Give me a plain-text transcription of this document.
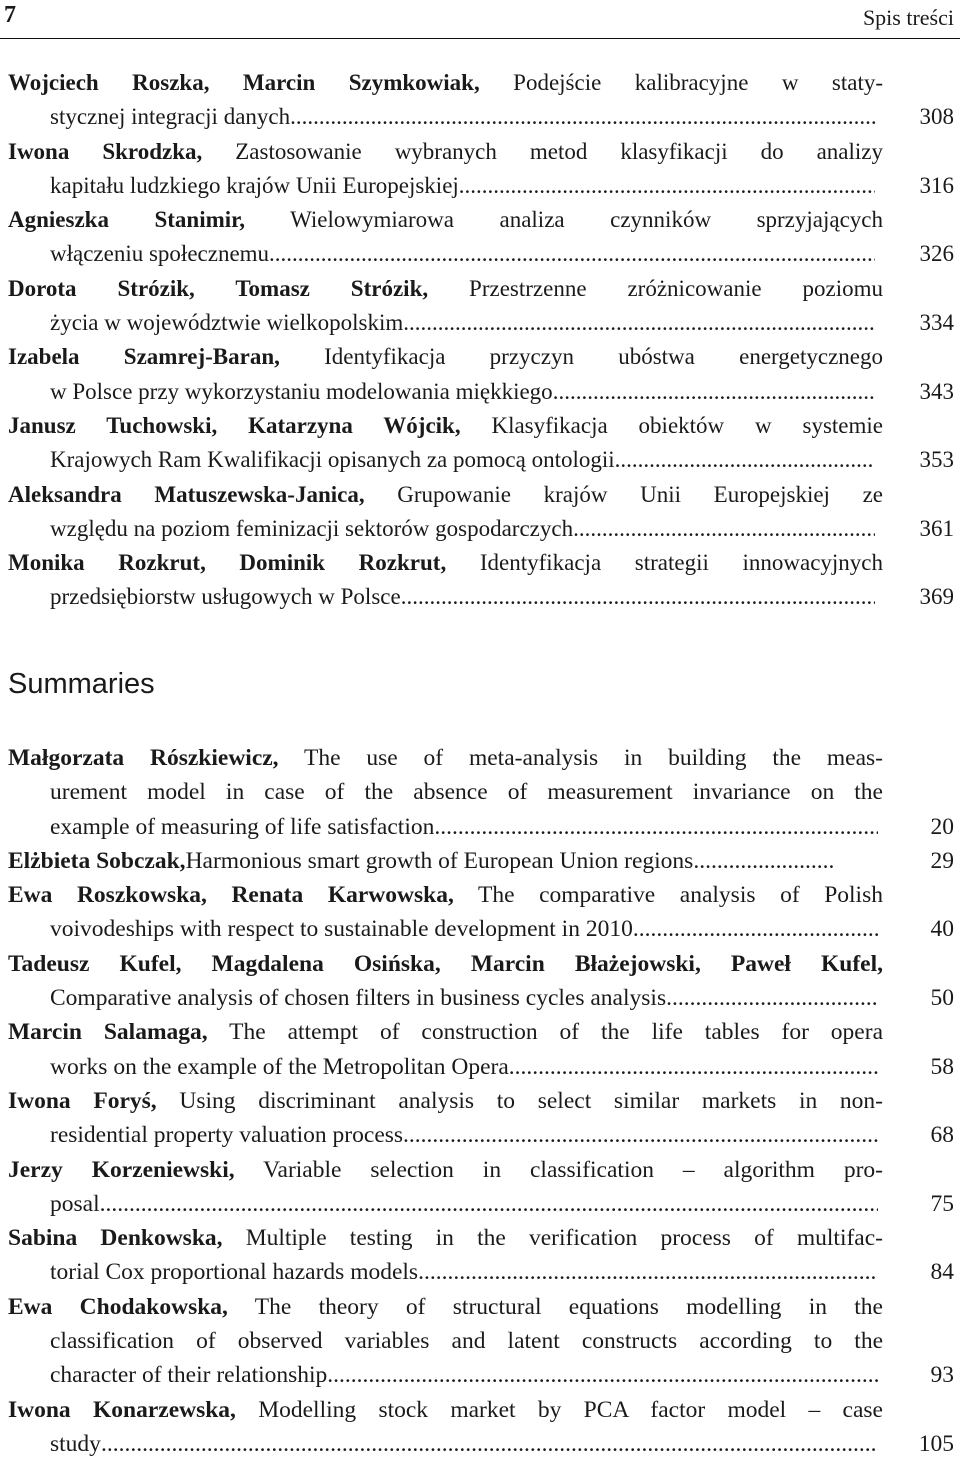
7	Spis treści
Wojciech Roszka, Marcin Szymkowiak, Podejście kalibracyjne w staty-
stycznej integracji danych .....	308
Iwona Skrodzka, Zastosowanie wybranych metod klasyfikacji do analizy
kapitału ludzkiego krajów Unii Europejskiej .....	316
Agnieszka Stanimir, Wielowymiarowa analiza czynników sprzyjających
włączeniu społecznemu .....	326
Dorota Strózik, Tomasz Strózik, Przestrzenne zróżnicowanie poziomu
życia w województwie wielkopolskim .....	334
Izabela Szamrej-Baran, Identyfikacja przyczyn ubóstwa energetycznego
w Polsce przy wykorzystaniu modelowania miękkiego .....	343
Janusz Tuchowski, Katarzyna Wójcik, Klasyfikacja obiektów w systemie
Krajowych Ram Kwalifikacji opisanych za pomocą ontologii .....	353
Aleksandra Matuszewska-Janica, Grupowanie krajów Unii Europejskiej ze
względu na poziom feminizacji sektorów gospodarczych .....	361
Monika Rozkrut, Dominik Rozkrut, Identyfikacja strategii innowacyjnych
przedsiębiorstw usługowych w Polsce .....	369
Summaries
Małgorzata Rószkiewicz, The use of meta-analysis in building the meas-
urement model in case of the absence of measurement invariance on the
example of measuring of life satisfaction .....	20
Elżbieta Sobczak, Harmonious smart growth of European Union regions .....	29
Ewa Roszkowska, Renata Karwowska, The comparative analysis of Polish
voivodeships with respect to sustainable development in 2010 .....	40
Tadeusz Kufel, Magdalena Osińska, Marcin Błażejowski, Paweł Kufel,
Comparative analysis of chosen filters in business cycles analysis .....	50
Marcin Salamaga, The attempt of construction of the life tables for opera
works on the example of the Metropolitan Opera .....	58
Iwona Foryś, Using discriminant analysis to select similar markets in non-
residential property valuation process .....	68
Jerzy Korzeniewski, Variable selection in classification – algorithm pro-
posal .....	75
Sabina Denkowska, Multiple testing in the verification process of multifac-
torial Cox proportional hazards models .....	84
Ewa Chodakowska, The theory of structural equations modelling in the
classification of observed variables and latent constructs according to the
character of their relationship .....	93
Iwona Konarzewska, Modelling stock market by PCA factor model – case
study .....	105
